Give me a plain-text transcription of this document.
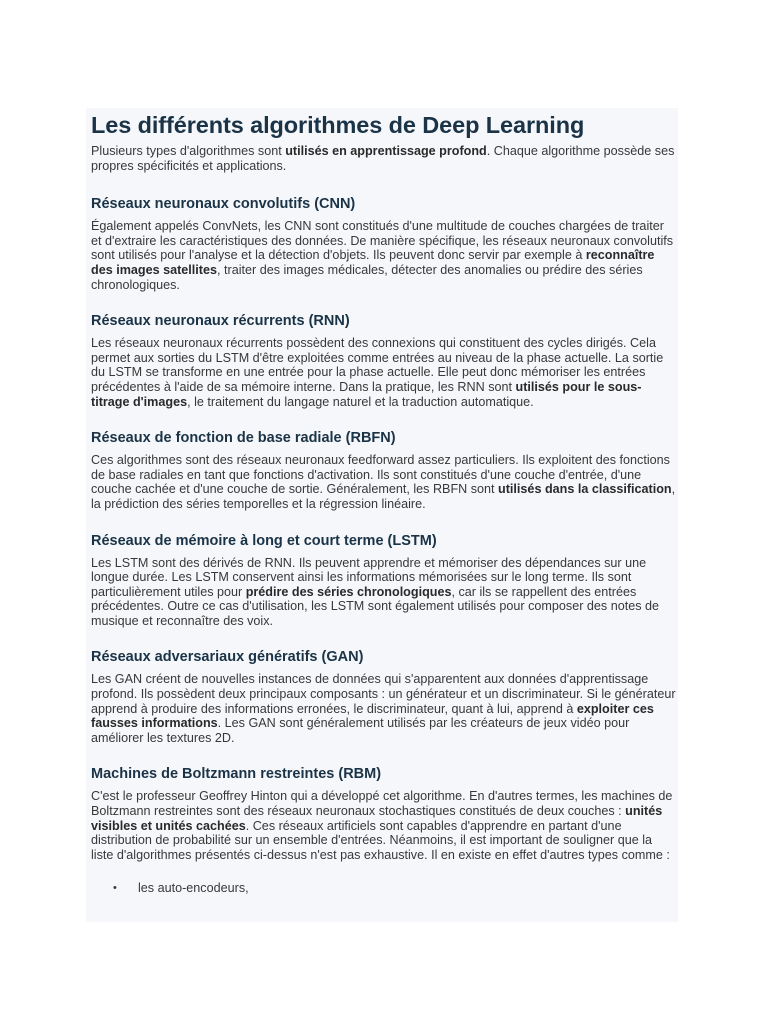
Les différents algorithmes de Deep Learning

Plusieurs types d'algorithmes sont utilisés en apprentissage profond. Chaque algorithme possède ses propres spécificités et applications.

Réseaux neuronaux convolutifs (CNN)

Également appelés ConvNets, les CNN sont constitués d'une multitude de couches chargées de traiter et d'extraire les caractéristiques des données. De manière spécifique, les réseaux neuronaux convolutifs sont utilisés pour l'analyse et la détection d'objets. Ils peuvent donc servir par exemple à reconnaître des images satellites, traiter des images médicales, détecter des anomalies ou prédire des séries chronologiques.

Réseaux neuronaux récurrents (RNN)

Les réseaux neuronaux récurrents possèdent des connexions qui constituent des cycles dirigés. Cela permet aux sorties du LSTM d'être exploitées comme entrées au niveau de la phase actuelle. La sortie du LSTM se transforme en une entrée pour la phase actuelle. Elle peut donc mémoriser les entrées précédentes à l'aide de sa mémoire interne. Dans la pratique, les RNN sont utilisés pour le sous-titrage d'images, le traitement du langage naturel et la traduction automatique.

Réseaux de fonction de base radiale (RBFN)

Ces algorithmes sont des réseaux neuronaux feedforward assez particuliers. Ils exploitent des fonctions de base radiales en tant que fonctions d'activation. Ils sont constitués d'une couche d'entrée, d'une couche cachée et d'une couche de sortie. Généralement, les RBFN sont utilisés dans la classification, la prédiction des séries temporelles et la régression linéaire.

Réseaux de mémoire à long et court terme (LSTM)

Les LSTM sont des dérivés de RNN. Ils peuvent apprendre et mémoriser des dépendances sur une longue durée. Les LSTM conservent ainsi les informations mémorisées sur le long terme. Ils sont particulièrement utiles pour prédire des séries chronologiques, car ils se rappellent des entrées précédentes. Outre ce cas d'utilisation, les LSTM sont également utilisés pour composer des notes de musique et reconnaître des voix.

Réseaux adversariaux génératifs (GAN)

Les GAN créent de nouvelles instances de données qui s'apparentent aux données d'apprentissage profond. Ils possèdent deux principaux composants : un générateur et un discriminateur. Si le générateur apprend à produire des informations erronées, le discriminateur, quant à lui, apprend à exploiter ces fausses informations. Les GAN sont généralement utilisés par les créateurs de jeux vidéo pour améliorer les textures 2D.

Machines de Boltzmann restreintes (RBM)

C'est le professeur Geoffrey Hinton qui a développé cet algorithme. En d'autres termes, les machines de Boltzmann restreintes sont des réseaux neuronaux stochastiques constitués de deux couches : unités visibles et unités cachées. Ces réseaux artificiels sont capables d'apprendre en partant d'une distribution de probabilité sur un ensemble d'entrées. Néanmoins, il est important de souligner que la liste d'algorithmes présentés ci-dessus n'est pas exhaustive. Il en existe en effet d'autres types comme :

• les auto-encodeurs,
